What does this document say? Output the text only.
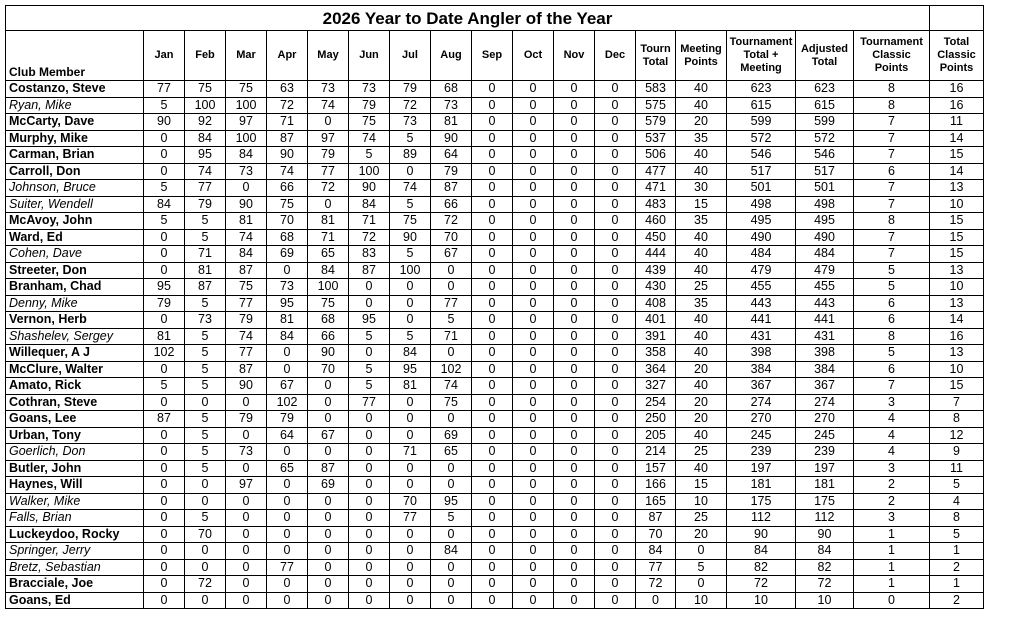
2026 Year to Date Angler of the Year																		
Club Member	Jan	Feb	Mar	Apr	May	Jun	Jul	Aug	Sep	Oct	Nov	Dec	Tourn Total	Meeting Points	Tournament Total + Meeting	Adjusted Total	Tournament Classic Points	Total Classic Points
Costanzo, Steve	77	75	75	63	73	73	79	68	0	0	0	0	583	40	623	623	8	16
Ryan, Mike	5	100	100	72	74	79	72	73	0	0	0	0	575	40	615	615	8	16
McCarty, Dave	90	92	97	71	0	75	73	81	0	0	0	0	579	20	599	599	7	11
Murphy, Mike	0	84	100	87	97	74	5	90	0	0	0	0	537	35	572	572	7	14
Carman, Brian	0	95	84	90	79	5	89	64	0	0	0	0	506	40	546	546	7	15
Carroll, Don	0	74	73	74	77	100	0	79	0	0	0	0	477	40	517	517	6	14
Johnson, Bruce	5	77	0	66	72	90	74	87	0	0	0	0	471	30	501	501	7	13
Suiter, Wendell	84	79	90	75	0	84	5	66	0	0	0	0	483	15	498	498	7	10
McAvoy, John	5	5	81	70	81	71	75	72	0	0	0	0	460	35	495	495	8	15
Ward, Ed	0	5	74	68	71	72	90	70	0	0	0	0	450	40	490	490	7	15
Cohen, Dave	0	71	84	69	65	83	5	67	0	0	0	0	444	40	484	484	7	15
Streeter, Don	0	81	87	0	84	87	100	0	0	0	0	0	439	40	479	479	5	13
Branham, Chad	95	87	75	73	100	0	0	0	0	0	0	0	430	25	455	455	5	10
Denny, Mike	79	5	77	95	75	0	0	77	0	0	0	0	408	35	443	443	6	13
Vernon, Herb	0	73	79	81	68	95	0	5	0	0	0	0	401	40	441	441	6	14
Shashelev, Sergey	81	5	74	84	66	5	5	71	0	0	0	0	391	40	431	431	8	16
Willequer, A J	102	5	77	0	90	0	84	0	0	0	0	0	358	40	398	398	5	13
McClure, Walter	0	5	87	0	70	5	95	102	0	0	0	0	364	20	384	384	6	10
Amato, Rick	5	5	90	67	0	5	81	74	0	0	0	0	327	40	367	367	7	15
Cothran, Steve	0	0	0	102	0	77	0	75	0	0	0	0	254	20	274	274	3	7
Goans, Lee	87	5	79	79	0	0	0	0	0	0	0	0	250	20	270	270	4	8
Urban, Tony	0	5	0	64	67	0	0	69	0	0	0	0	205	40	245	245	4	12
Goerlich, Don	0	5	73	0	0	0	71	65	0	0	0	0	214	25	239	239	4	9
Butler, John	0	5	0	65	87	0	0	0	0	0	0	0	157	40	197	197	3	11
Haynes, Will	0	0	97	0	69	0	0	0	0	0	0	0	166	15	181	181	2	5
Walker, Mike	0	0	0	0	0	0	70	95	0	0	0	0	165	10	175	175	2	4
Falls, Brian	0	5	0	0	0	0	77	5	0	0	0	0	87	25	112	112	3	8
Luckeydoo, Rocky	0	70	0	0	0	0	0	0	0	0	0	0	70	20	90	90	1	5
Springer, Jerry	0	0	0	0	0	0	0	84	0	0	0	0	84	0	84	84	1	1
Bretz, Sebastian	0	0	0	77	0	0	0	0	0	0	0	0	77	5	82	82	1	2
Bracciale, Joe	0	72	0	0	0	0	0	0	0	0	0	0	72	0	72	72	1	1
Goans, Ed	0	0	0	0	0	0	0	0	0	0	0	0	0	10	10	10	0	2
